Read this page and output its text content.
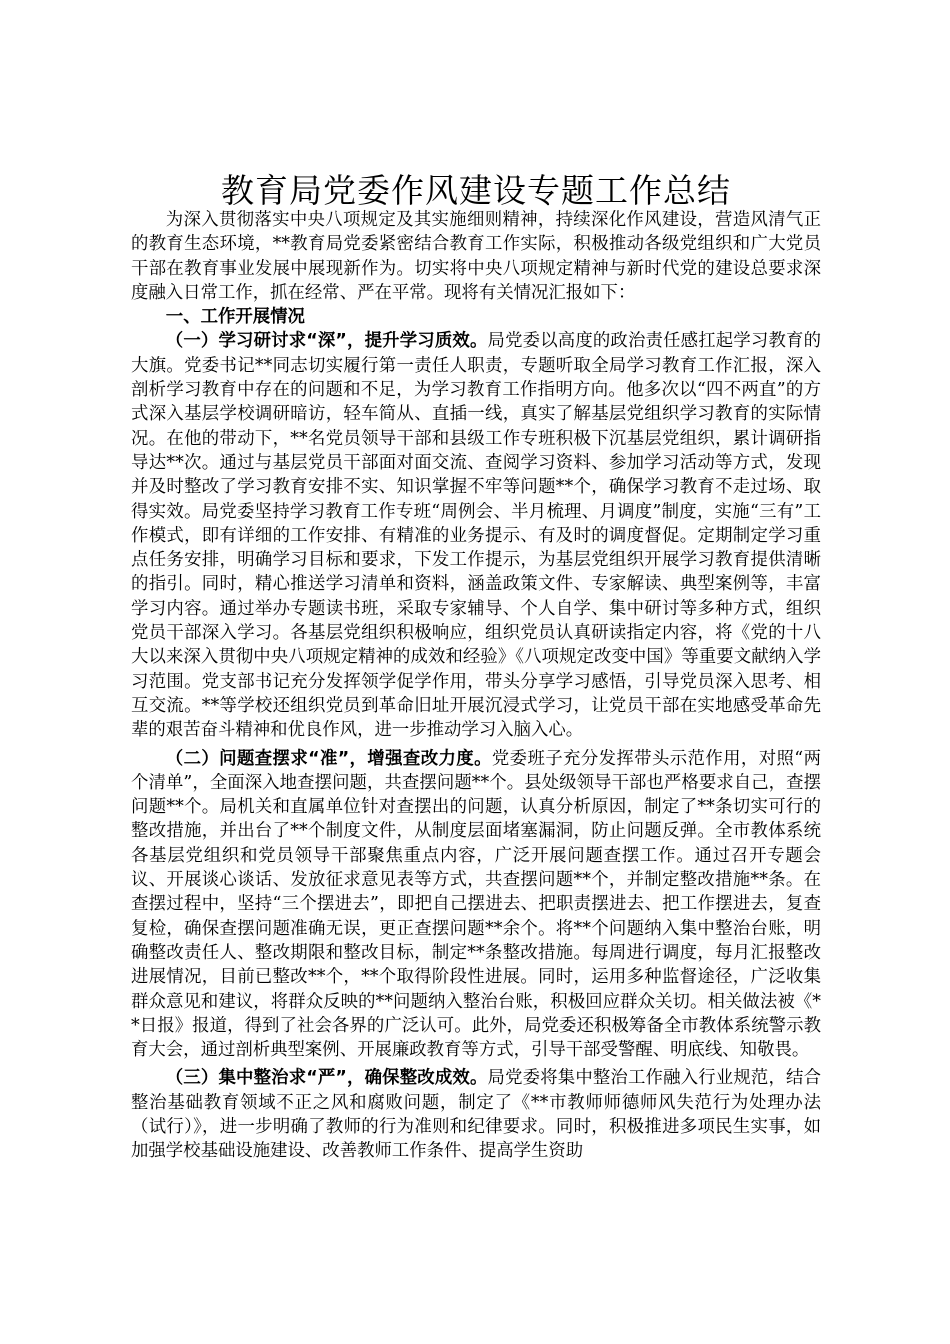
教育局党委作风建设专题工作总结

为深入贯彻落实中央八项规定及其实施细则精神，持续深化作风建设，营造风清气正的教育生态环境，**教育局党委紧密结合教育工作实际，积极推动各级党组织和广大党员干部在教育事业发展中展现新作为。切实将中央八项规定精神与新时代党的建设总要求深度融入日常工作，抓在经常、严在平常。现将有关情况汇报如下：

一、工作开展情况

（一）学习研讨求“深”，提升学习质效。局党委以高度的政治责任感扛起学习教育的大旗。党委书记**同志切实履行第一责任人职责，专题听取全局学习教育工作汇报，深入剖析学习教育中存在的问题和不足，为学习教育工作指明方向。他多次以“四不两直”的方式深入基层学校调研暗访，轻车简从、直插一线，真实了解基层党组织学习教育的实际情况。在他的带动下，**名党员领导干部和县级工作专班积极下沉基层党组织，累计调研指导达**次。通过与基层党员干部面对面交流、查阅学习资料、参加学习活动等方式，发现并及时整改了学习教育安排不实、知识掌握不牢等问题**个，确保学习教育不走过场、取得实效。局党委坚持学习教育工作专班“周例会、半月梳理、月调度”制度，实施“三有”工作模式，即有详细的工作安排、有精准的业务提示、有及时的调度督促。定期制定学习重点任务安排，明确学习目标和要求，下发工作提示，为基层党组织开展学习教育提供清晰的指引。同时，精心推送学习清单和资料，涵盖政策文件、专家解读、典型案例等，丰富学习内容。通过举办专题读书班，采取专家辅导、个人自学、集中研讨等多种方式，组织党员干部深入学习。各基层党组织积极响应，组织党员认真研读指定内容，将《党的十八大以来深入贯彻中央八项规定精神的成效和经验》《八项规定改变中国》等重要文献纳入学习范围。党支部书记充分发挥领学促学作用，带头分享学习感悟，引导党员深入思考、相互交流。**等学校还组织党员到革命旧址开展沉浸式学习，让党员干部在实地感受革命先辈的艰苦奋斗精神和优良作风，进一步推动学习入脑入心。

（二）问题查摆求“准”，增强查改力度。党委班子充分发挥带头示范作用，对照“两个清单”，全面深入地查摆问题，共查摆问题**个。县处级领导干部也严格要求自己，查摆问题**个。局机关和直属单位针对查摆出的问题，认真分析原因，制定了**条切实可行的整改措施，并出台了**个制度文件，从制度层面堵塞漏洞，防止问题反弹。全市教体系统各基层党组织和党员领导干部聚焦重点内容，广泛开展问题查摆工作。通过召开专题会议、开展谈心谈话、发放征求意见表等方式，共查摆问题**个，并制定整改措施**条。在查摆过程中，坚持“三个摆进去”，即把自己摆进去、把职责摆进去、把工作摆进去，复查复检，确保查摆问题准确无误，更正查摆问题**余个。将**个问题纳入集中整治台账，明确整改责任人、整改期限和整改目标，制定**条整改措施。每周进行调度，每月汇报整改进展情况，目前已整改**个，**个取得阶段性进展。同时，运用多种监督途径，广泛收集群众意见和建议，将群众反映的**问题纳入整治台账，积极回应群众关切。相关做法被《**日报》报道，得到了社会各界的广泛认可。此外，局党委还积极筹备全市教体系统警示教育大会，通过剖析典型案例、开展廉政教育等方式，引导干部受警醒、明底线、知敬畏。

（三）集中整治求“严”，确保整改成效。局党委将集中整治工作融入行业规范，结合整治基础教育领域不正之风和腐败问题，制定了《**市教师师德师风失范行为处理办法（试行）》，进一步明确了教师的行为准则和纪律要求。同时，积极推进多项民生实事，如加强学校基础设施建设、改善教师工作条件、提高学生资助
